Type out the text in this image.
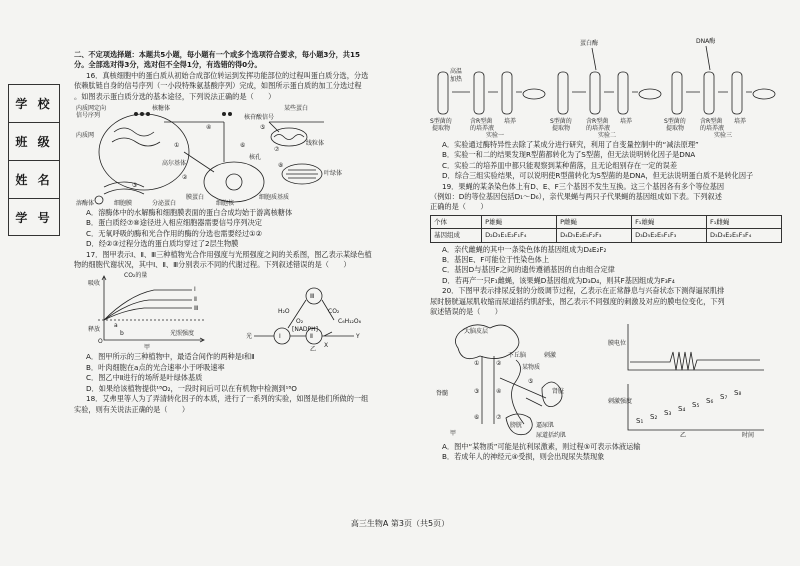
学 校
班 级
姓 名
学 号

二、不定项选择题：本题共5小题，每小题有一个或多个选项符合要求，每小题3分，共15

分。全部选对得3分，选对但不全得1分，有选错的得0分。

16．真核细胞中的蛋白质从初始合成部位转运到发挥功能部位的过程叫蛋白质分选，分选

依赖肽链自身的信号序列（一小段特殊氨基酸序列）完成，如图所示蛋白质的加工分选过程

。如图表示蛋白质分选的基本途径，下列说法正确的是（　　）

内质网定向
信号序列
核糖体
细胞核
核孔
线粒体
叶绿体
内质网
核苷酸信号
细胞质基质
高尔基体
溶酶体	细胞膜	分泌蛋白
膜蛋白
某些蛋白
④	⑤
⑥
⑦
⑧
①
②
③

A．溶酶体中的水解酶和细胞膜表面的蛋白合成均始于游离核糖体

B．蛋白质经⑦⑧途径进入相应细胞器需要信号序列决定

C．无氧呼吸的酶和光合作用的酶的分选也需要经过①②

D．经②③过程分选的蛋白质均穿过了2层生物膜

17．图甲表示Ⅰ、Ⅱ、Ⅲ三种植物光合作用强度与光照强度之间的关系图，图乙表示某绿色植

物的细胞代谢状况，其中Ⅰ、Ⅱ、Ⅲ分别表示不同的代谢过程。下列叙述错误的是（　　）

吸收
释放
CO₂的量
Ⅰ
Ⅱ
Ⅲ
a
b
O
光照强度
甲
Ⅲ
Ⅱ
Ⅰ
H₂O
O₂
CO₂
C₆H₁₂O₆
[NADPH]
X
光	Y
乙

A．图甲所示的三种植物中，最适合间作的两种是Ⅰ和Ⅱ

B．叶肉细胞在a点的光合速率小于呼吸速率

C．图乙中Ⅱ进行的场所是叶绿体基质

D．如果给该植物提供¹⁸O₂，一段时间后可以在有机物中检测到¹⁸O

18．艾弗里等人为了弄清转化因子的本质，进行了一系列的实验，如图是他们所做的一组

实验，则有关说法正确的是（　　）

高温
加热
S型菌的
提取物
含R型菌
的培养液
培养
实验一
蛋白酶
S型菌的
提取物
含R型菌
的培养液
培养
实验二
DNA酶
S型菌的
提取物
含R型菌
的培养液
培养
实验三

A．实验通过酶特异性去除了某成分进行研究，利用了自变量控制中的“减法原理”

B．实验一和二的结果发现R型菌都转化为了S型菌，但无法说明转化因子是DNA

C．实验二的培养皿中都只能观察到某种菌落，且无论组别存在一定的误差

D．综合三组实验结果，可以说明使R型菌转化为S型菌的是DNA，但无法说明蛋白质不是转化因子

19．果蝇的某条染色体上有D、E、F三个基因不发生互换。这三个基因各有多个等位基因

（例如：D的等位基因包括D₁～D₆），亲代果蝇与两只子代果蝇的基因组成如下表。下列叙述

正确的是（　　）

个体	P雄蝇	P雌蝇	F₁雄蝇	F₁雌蝇
基因组成	D₂D₃E₁E₂F₁F₄	D₄D₅E₂E₅F₂F₃	D₃D₅E₂E₅F₁F₃	D₃D₄E₂E₅F₃F₄

A．亲代雌蝇的其中一条染色体的基因组成为D₄E₂F₂

B．基因E、F可能位于性染色体上

C．基因D与基因F之间的遗传遵循基因的自由组合定律

D．若再产一只F₁雌蝇，该果蝇D基因组成为D₃D₄，则其F基因组成为F₃F₄

20．下图甲表示排尿反射的分级调节过程，乙表示在正常静息与兴奋状态下测得逼尿肌排

尿时膀胱逼尿肌收缩而尿道括约肌舒张，图乙表示不同强度的刺激及对应的膜电位变化，下列

叙述错误的是（　　）

大脑皮层
下丘脑	刺激
某物质
脊髓	肾脏
膀胱 逼尿肌
尿道括约肌
甲
①	②
③	④
⑤
⑥	⑦
膜电位
刺激强度
时间
乙
S₁ S₂ S₃ S₄ S₅ S₆ S₇ S₈

A．图中“某物质”可能是抗利尿激素，则过程⑤可表示体液运输

B．若成年人的神经元④受损，则会出现尿失禁现象

高三生物A 第3页（共5页）
